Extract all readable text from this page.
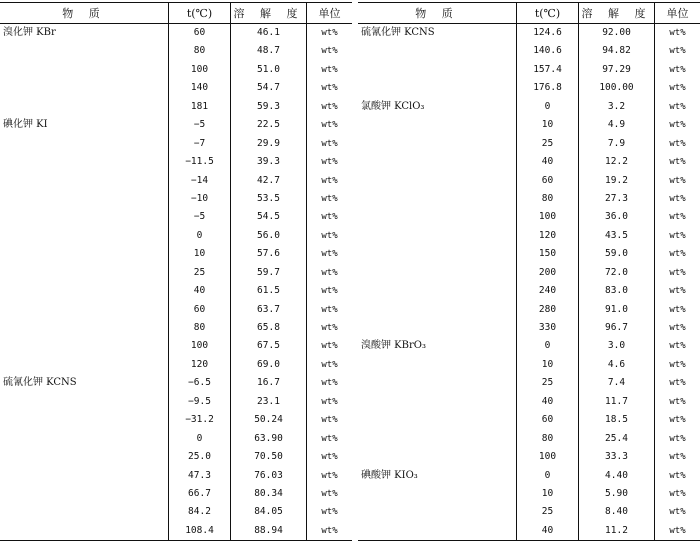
物 质	t(℃)	溶 解 度	单位
溴化钾 KBr	60	46.1	wt%
80	48.7	wt%
100	51.0	wt%
140	54.7	wt%
181	59.3	wt%
碘化钾 KI	−5	22.5	wt%
−7	29.9	wt%
−11.5	39.3	wt%
−14	42.7	wt%
−10	53.5	wt%
−5	54.5	wt%
0	56.0	wt%
10	57.6	wt%
25	59.7	wt%
40	61.5	wt%
60	63.7	wt%
80	65.8	wt%
100	67.5	wt%
120	69.0	wt%
硫氰化钾 KCNS	−6.5	16.7	wt%
−9.5	23.1	wt%
−31.2	50.24	wt%
0	63.90	wt%
25.0	70.50	wt%
47.3	76.03	wt%
66.7	80.34	wt%
84.2	84.05	wt%
108.4	88.94	wt%
物 质	t(℃)	溶 解 度	单位
硫氰化钾 KCNS	124.6	92.00	wt%
140.6	94.82	wt%
157.4	97.29	wt%
176.8	100.00	wt%
氯酸钾 KClO₃	0	3.2	wt%
10	4.9	wt%
25	7.9	wt%
40	12.2	wt%
60	19.2	wt%
80	27.3	wt%
100	36.0	wt%
120	43.5	wt%
150	59.0	wt%
200	72.0	wt%
240	83.0	wt%
280	91.0	wt%
330	96.7	wt%
溴酸钾 KBrO₃	0	3.0	wt%
10	4.6	wt%
25	7.4	wt%
40	11.7	wt%
60	18.5	wt%
80	25.4	wt%
100	33.3	wt%
碘酸钾 KIO₃	0	4.40	wt%
10	5.90	wt%
25	8.40	wt%
40	11.2	wt%
